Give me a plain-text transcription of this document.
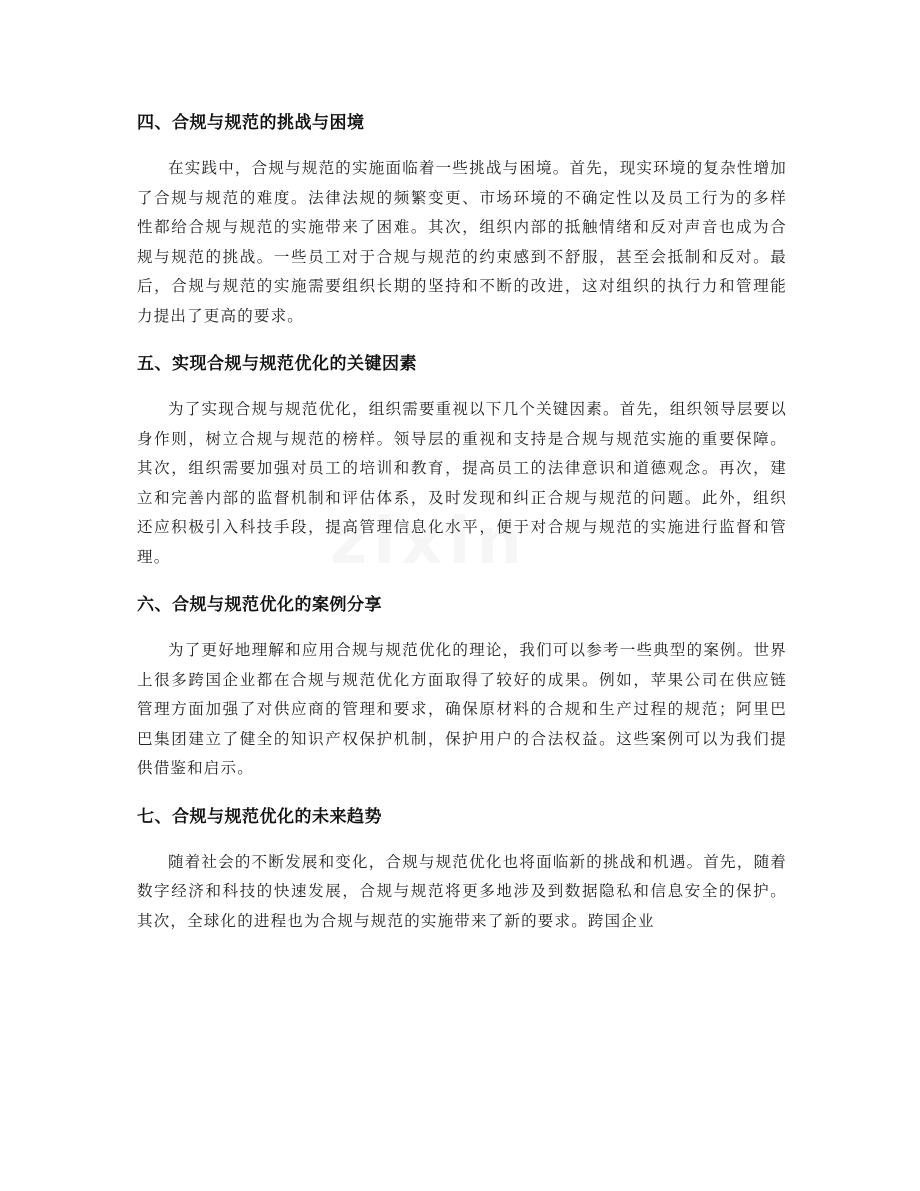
四、合规与规范的挑战与困境

在实践中，合规与规范的实施面临着一些挑战与困境。首先，现实环境的复杂性增加了合规与规范的难度。法律法规的频繁变更、市场环境的不确定性以及员工行为的多样性都给合规与规范的实施带来了困难。其次，组织内部的抵触情绪和反对声音也成为合规与规范的挑战。一些员工对于合规与规范的约束感到不舒服，甚至会抵制和反对。最后，合规与规范的实施需要组织长期的坚持和不断的改进，这对组织的执行力和管理能力提出了更高的要求。

五、实现合规与规范优化的关键因素

为了实现合规与规范优化，组织需要重视以下几个关键因素。首先，组织领导层要以身作则，树立合规与规范的榜样。领导层的重视和支持是合规与规范实施的重要保障。其次，组织需要加强对员工的培训和教育，提高员工的法律意识和道德观念。再次，建立和完善内部的监督机制和评估体系，及时发现和纠正合规与规范的问题。此外，组织还应积极引入科技手段，提高管理信息化水平，便于对合规与规范的实施进行监督和管理。

六、合规与规范优化的案例分享

为了更好地理解和应用合规与规范优化的理论，我们可以参考一些典型的案例。世界上很多跨国企业都在合规与规范优化方面取得了较好的成果。例如，苹果公司在供应链管理方面加强了对供应商的管理和要求，确保原材料的合规和生产过程的规范；阿里巴巴集团建立了健全的知识产权保护机制，保护用户的合法权益。这些案例可以为我们提供借鉴和启示。

七、合规与规范优化的未来趋势

随着社会的不断发展和变化，合规与规范优化也将面临新的挑战和机遇。首先，随着数字经济和科技的快速发展，合规与规范将更多地涉及到数据隐私和信息安全的保护。其次，全球化的进程也为合规与规范的实施带来了新的要求。跨国企业
